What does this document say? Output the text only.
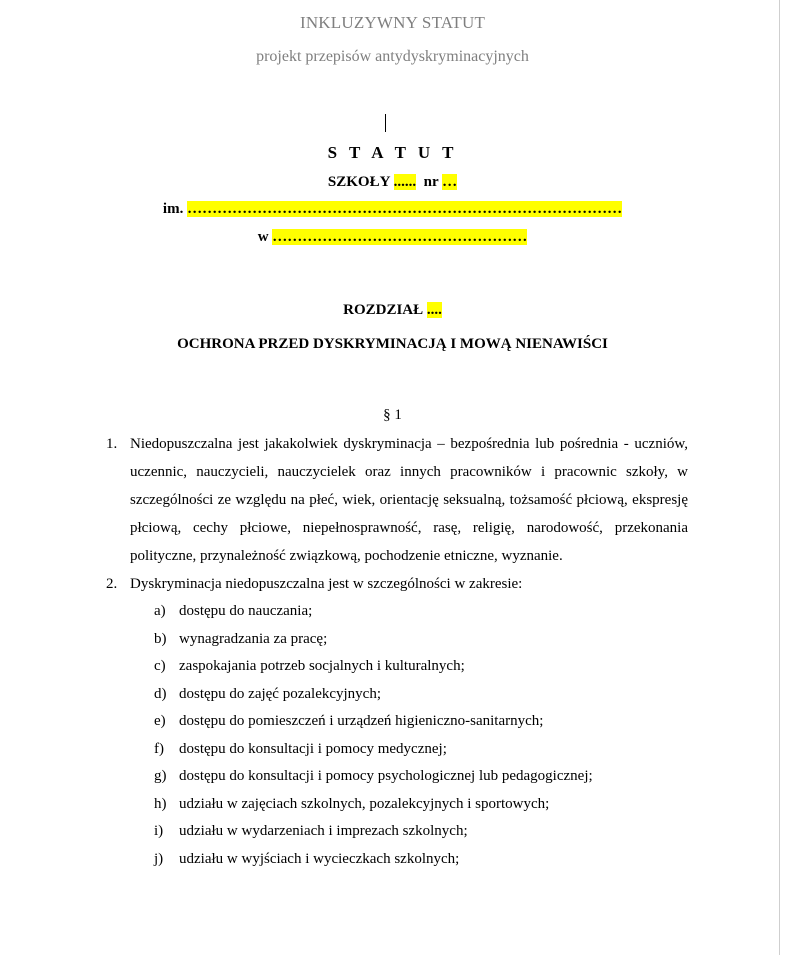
INKLUZYWNY STATUT
projekt przepisów antydyskryminacyjnych
S T A T U T
SZKOŁY ...... nr …
im. ……………………………………………………………………………
w ……………………………………………
ROZDZIAŁ ....
OCHRONA PRZED DYSKRYMINACJĄ I MOWĄ NIENAWIŚCI
§ 1
1. Niedopuszczalna jest jakakolwiek dyskryminacja – bezpośrednia lub pośrednia - uczniów, uczennic, nauczycieli, nauczycielek oraz innych pracowników i pracownic szkoły, w szczególności ze względu na płeć, wiek, orientację seksualną, tożsamość płciową, ekspresję płciową, cechy płciowe, niepełnosprawność, rasę, religię, narodowość, przekonania polityczne, przynależność związkową, pochodzenie etniczne, wyznanie.
2. Dyskryminacja niedopuszczalna jest w szczególności w zakresie:
a) dostępu do nauczania;
b) wynagradzania za pracę;
c) zaspokajania potrzeb socjalnych i kulturalnych;
d) dostępu do zajęć pozalekcyjnych;
e) dostępu do pomieszczeń i urządzeń higieniczno-sanitarnych;
f)	dostępu do konsultacji i pomocy medycznej;
g) dostępu do konsultacji i pomocy psychologicznej lub pedagogicznej;
h) udziału w zajęciach szkolnych, pozalekcyjnych i sportowych;
i)	udziału w wydarzeniach i imprezach szkolnych;
j)	udziału w wyjściach i wycieczkach szkolnych;
